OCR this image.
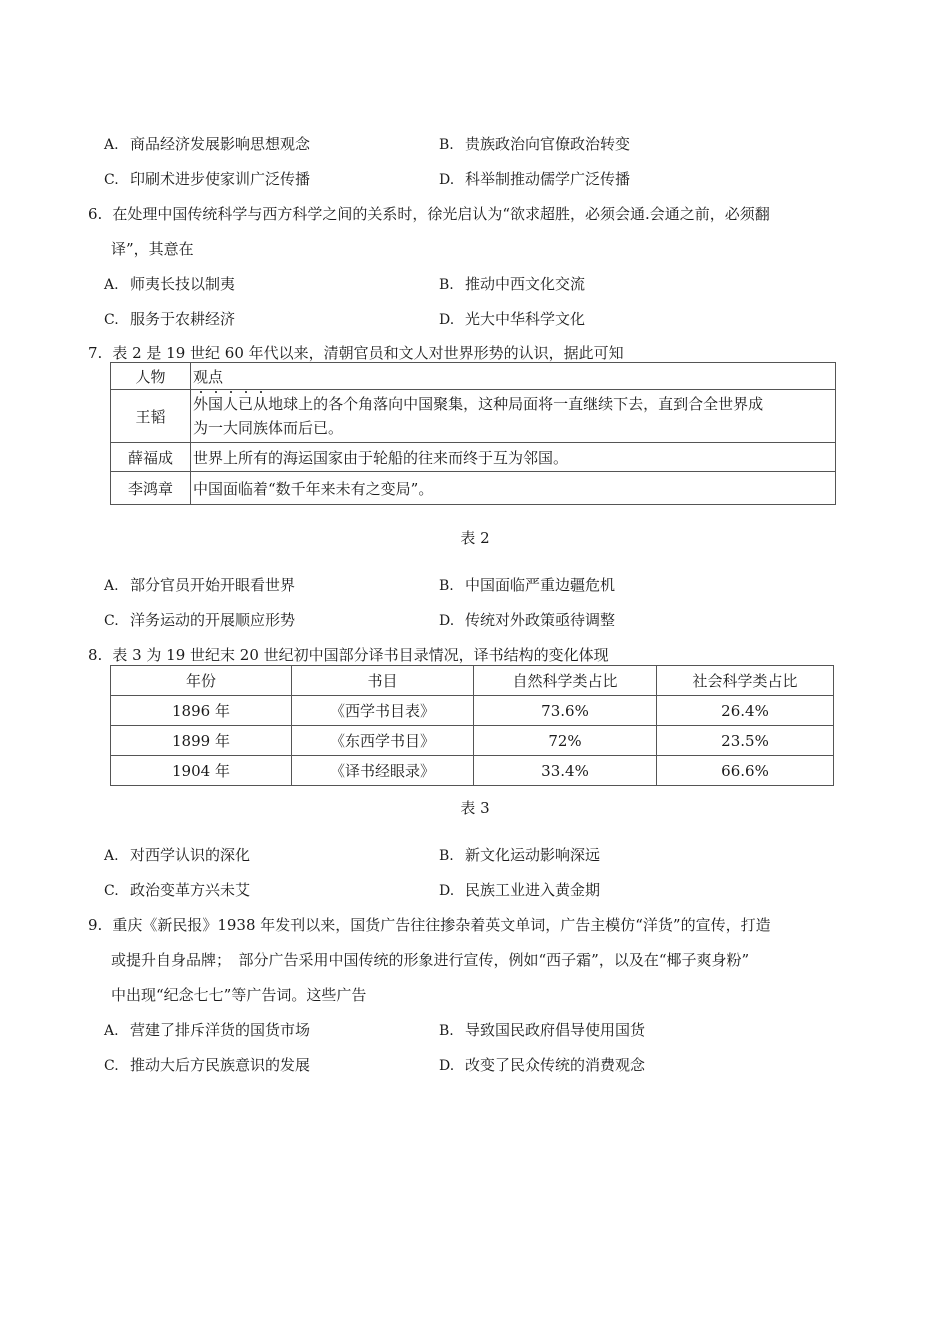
A. 商品经济发展影响思想观念	B. 贵族政治向官僚政治转变
C. 印刷术进步使家训广泛传播	D. 科举制推动儒学广泛传播
6. 在处理中国传统科学与西方科学之间的关系时，徐光启认为“欲求超胜，必须会通.会通之前，必须翻
译”，其意在
A. 师夷长技以制夷	B. 推动中西文化交流
C. 服务于农耕经济	D. 光大中华科学文化
7. 表 2 是 19 世纪 60 年代以来，清朝官员和文人对世界形势的认识，据此可知
人物	观点
王韬	外国人已从地球上的各个角落向中国聚集，这种局面将一直继续下去，直到合全世界成
为一大同族体而后已。
薛福成	世界上所有的海运国家由于轮船的往来而终于互为邻国。
李鸿章	中国面临着“数千年来未有之变局”。
表 2
A. 部分官员开始开眼看世界	B. 中国面临严重边疆危机
C. 洋务运动的开展顺应形势	D. 传统对外政策亟待调整
8. 表 3 为 19 世纪末 20 世纪初中国部分译书目录情况，译书结构的变化体现
年份	书目	自然科学类占比	社会科学类占比
1896 年	《西学书目表》	73.6%	26.4%
1899 年	《东西学书目》	72%	23.5%
1904 年	《译书经眼录》	33.4%	66.6%
表 3
A. 对西学认识的深化	B. 新文化运动影响深远
C. 政治变革方兴未艾	D. 民族工业进入黄金期
9. 重庆《新民报》1938 年发刊以来，国货广告往往掺杂着英文单词，广告主模仿“洋货”的宣传，打造
或提升自身品牌；　部分广告采用中国传统的形象进行宣传，例如“西子霜”，以及在“椰子爽身粉”
中出现“纪念七七”等广告词。这些广告
A. 营建了排斥洋货的国货市场	B. 导致国民政府倡导使用国货
C. 推动大后方民族意识的发展	D. 改变了民众传统的消费观念
